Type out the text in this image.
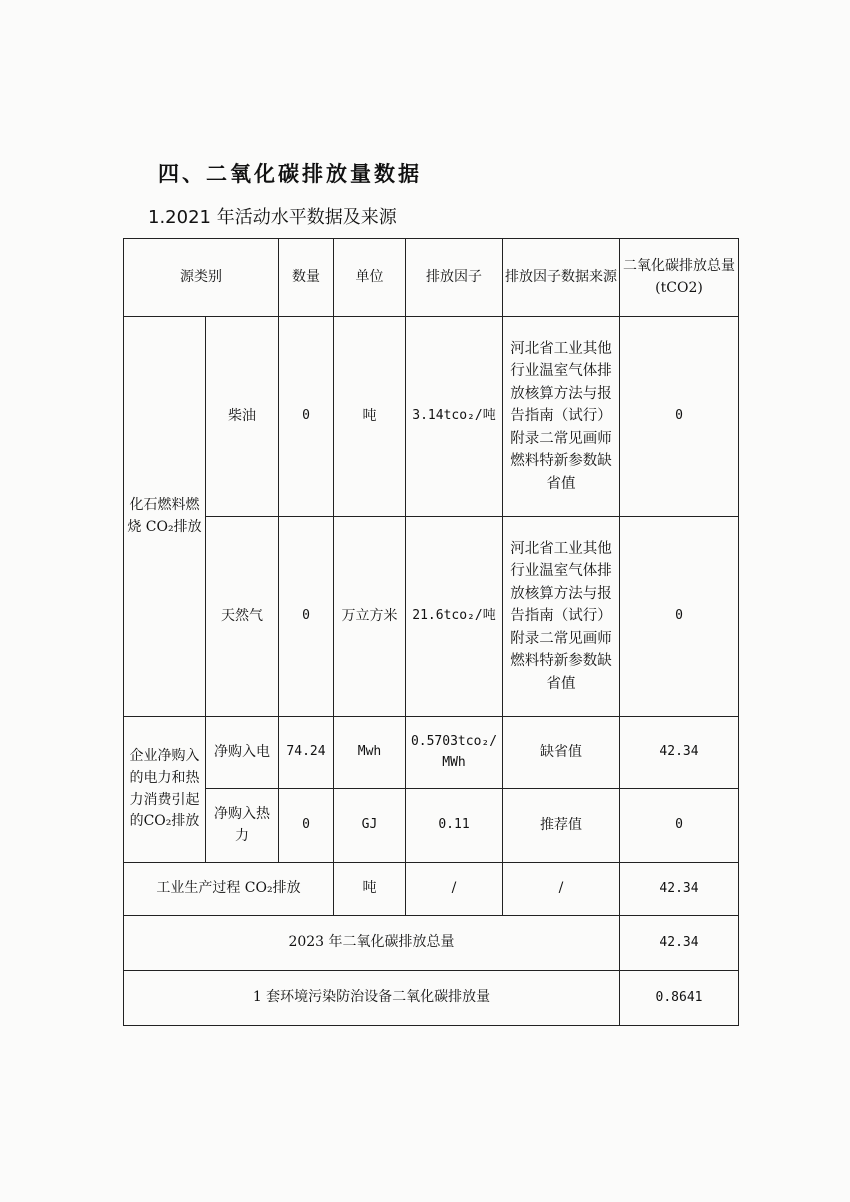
四、二氧化碳排放量数据
1.2021 年活动水平数据及来源
源类别		数量	单位	排放因子	排放因子数据来源	二氧化碳排放总量(tCO2)
化石燃料燃烧 CO₂排放	柴油	0	吨	3.14tco₂/吨	河北省工业其他行业温室气体排放核算方法与报告指南（试行）附录二常见画师燃料特新参数缺省值	0
	天然气	0	万立方米	21.6tco₂/吨	河北省工业其他行业温室气体排放核算方法与报告指南（试行）附录二常见画师燃料特新参数缺省值	0
企业净购入的电力和热力消费引起的CO₂排放	净购入电	74.24	Mwh	0.5703tco₂/MWh	缺省值	42.34
	净购入热力	0	GJ	0.11	推荐值	0
工业生产过程 CO₂排放			吨	/	/	42.34
2023 年二氧化碳排放总量						42.34
1 套环境污染防治设备二氧化碳排放量						0.8641
